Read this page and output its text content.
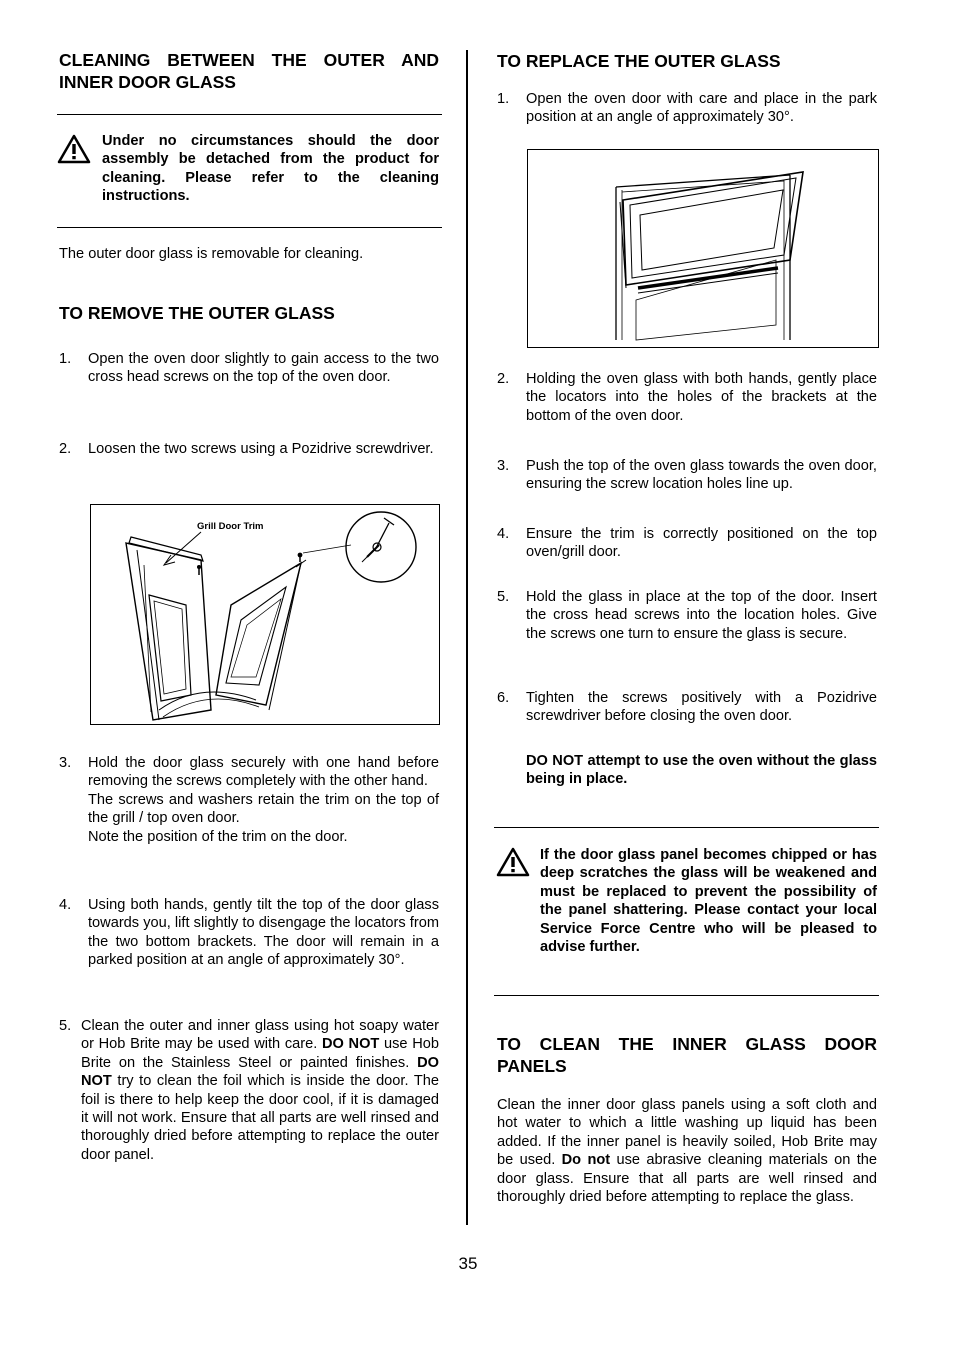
CLEANING BETWEEN THE OUTER AND INNER DOOR GLASS
Under no circumstances should the door assembly be detached from the product for cleaning. Please refer to the cleaning instructions.
The outer door glass is removable for cleaning.
TO REMOVE THE OUTER GLASS
1. Open the oven door slightly to gain access to the two cross head screws on the top of the oven door.
2. Loosen the two screws using a Pozidrive screwdriver.
Grill Door Trim
3. Hold the door glass securely with one hand before removing the screws completely with the other hand.
The screws and washers retain the trim on the top of the grill / top oven door.
Note the position of the trim on the door.
4. Using both hands, gently tilt the top of the door glass towards you, lift slightly to disengage the locators from the two bottom brackets. The door will remain in a parked position at an angle of approximately 30°.
5. Clean the outer and inner glass using hot soapy water or Hob Brite may be used with care. DO NOT use Hob Brite on the Stainless Steel or painted finishes. DO NOT try to clean the foil which is inside the door. The foil is there to help keep the door cool, if it is damaged it will not work. Ensure that all parts are well rinsed and thoroughly dried before attempting to replace the outer door panel.
TO REPLACE THE OUTER GLASS
1. Open the oven door with care and place in the park position at an angle of approximately 30°.
2. Holding the oven glass with both hands, gently place the locators into the holes of the brackets at the bottom of the oven door.
3. Push the top of the oven glass towards the oven door, ensuring the screw location holes line up.
4. Ensure the trim is correctly positioned on the top oven/grill door.
5. Hold the glass in place at the top of the door. Insert the cross head screws into the location holes. Give the screws one turn to ensure the glass is secure.
6. Tighten the screws positively with a Pozidrive screwdriver before closing the oven door.
DO NOT attempt to use the oven without the glass being in place.
If the door glass panel becomes chipped or has deep scratches the glass will be weakened and must be replaced to prevent the possibility of the panel shattering. Please contact your local Service Force Centre who will be pleased to advise further.
TO CLEAN THE INNER GLASS DOOR PANELS
Clean the inner door glass panels using a soft cloth and hot water to which a little washing up liquid has been added. If the inner panel is heavily soiled, Hob Brite may be used. Do not use abrasive cleaning materials on the door glass. Ensure that all parts are well rinsed and thoroughly dried before attempting to replace the glass.
35
